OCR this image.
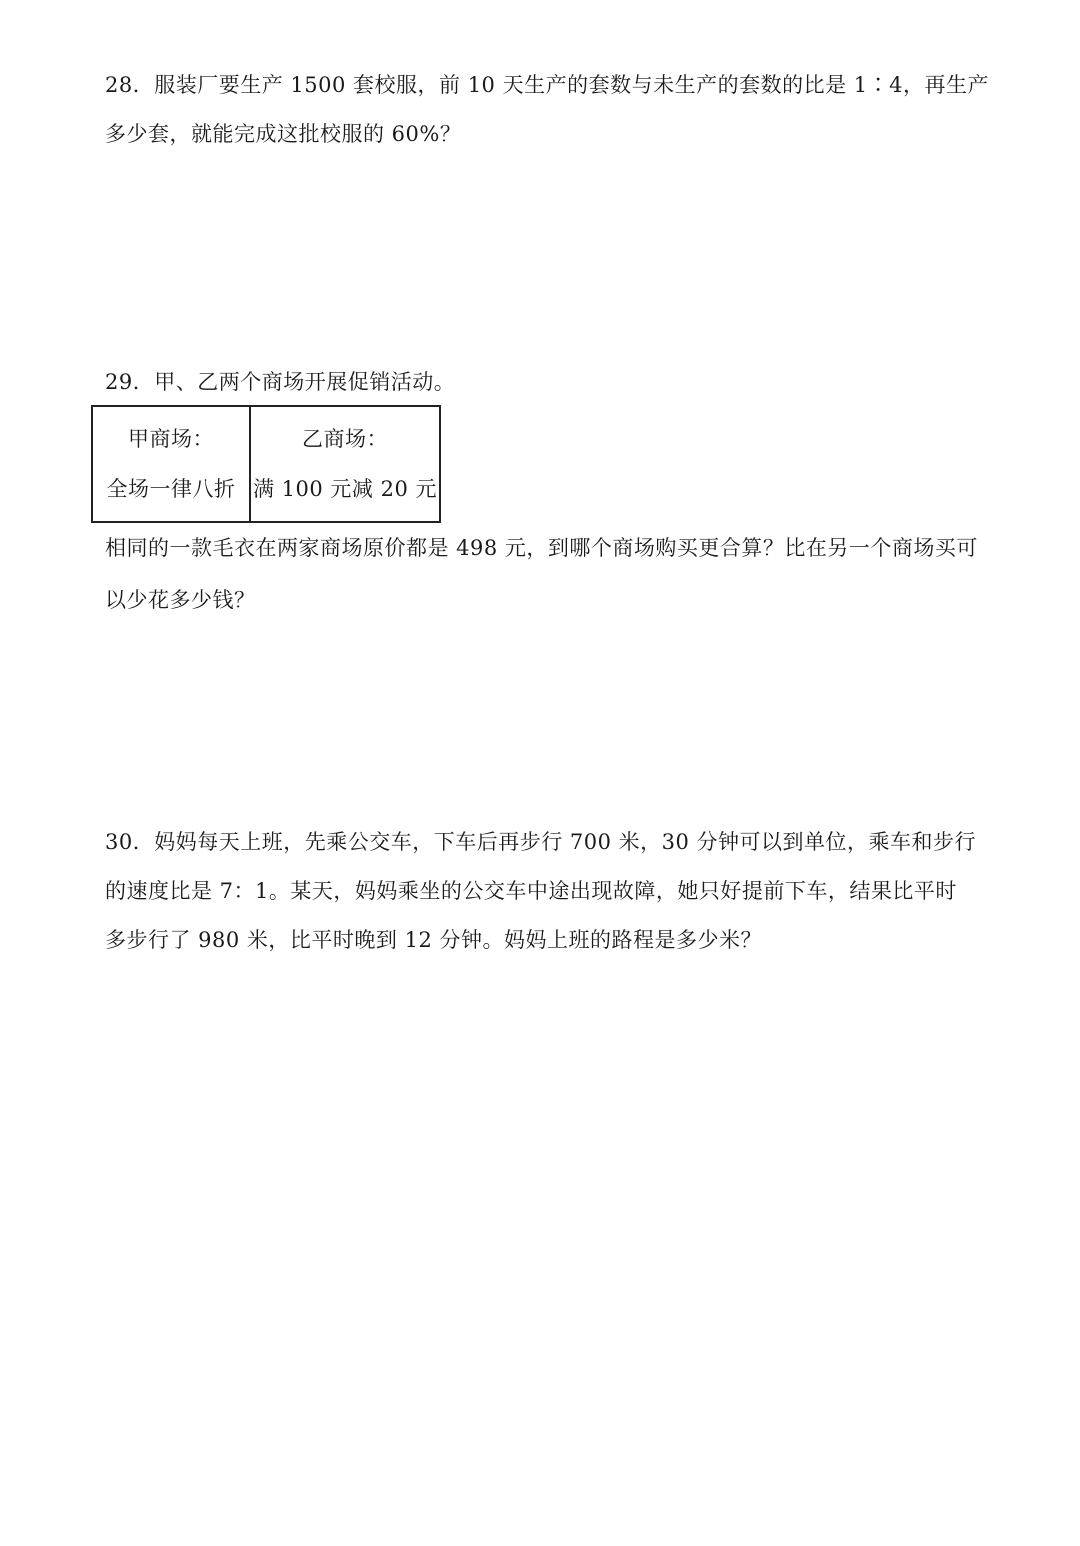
28．服装厂要生产 1500 套校服，前 10 天生产的套数与未生产的套数的比是 1∶4，再生产
多少套，就能完成这批校服的 60%？
29．甲、乙两个商场开展促销活动。
甲商场：
全场一律八折

乙商场：
满 100 元减 20 元
相同的一款毛衣在两家商场原价都是 498 元，到哪个商场购买更合算？比在另一个商场买可
以少花多少钱？
30．妈妈每天上班，先乘公交车，下车后再步行 700 米，30 分钟可以到单位，乘车和步行
的速度比是 7：1。某天，妈妈乘坐的公交车中途出现故障，她只好提前下车，结果比平时
多步行了 980 米，比平时晚到 12 分钟。妈妈上班的路程是多少米？
